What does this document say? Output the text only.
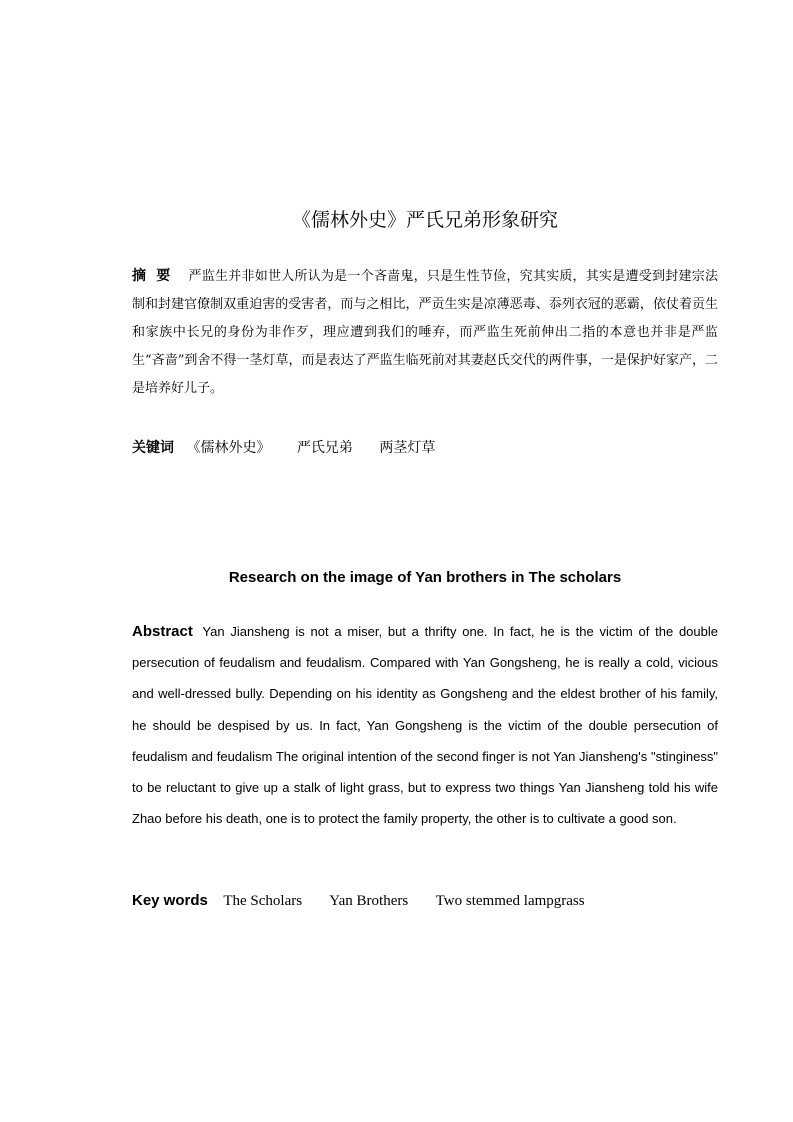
《儒林外史》严氏兄弟形象研究
摘要 严监生并非如世人所认为是一个吝啬鬼，只是生性节俭，究其实质，其实是遭受到封建宗法制和封建官僚制双重迫害的受害者，而与之相比，严贡生实是凉薄恶毒、忝列衣冠的恶霸，依仗着贡生和家族中长兄的身份为非作歹，理应遭到我们的唾弃，而严监生死前伸出二指的本意也并非是严监生“吝啬”到舍不得一茎灯草，而是表达了严监生临死前对其妻赵氏交代的两件事，一是保护好家产，二是培养好儿子。
关键词 《儒林外史》 严氏兄弟 两茎灯草
Research on the image of Yan brothers in The scholars
Abstract Yan Jiansheng is not a miser, but a thrifty one. In fact, he is the victim of the double persecution of feudalism and feudalism. Compared with Yan Gongsheng, he is really a cold, vicious and well-dressed bully. Depending on his identity as Gongsheng and the eldest brother of his family, he should be despised by us. In fact, Yan Gongsheng is the victim of the double persecution of feudalism and feudalism The original intention of the second finger is not Yan Jiansheng's "stinginess" to be reluctant to give up a stalk of light grass, but to express two things Yan Jiansheng told his wife Zhao before his death, one is to protect the family property, the other is to cultivate a good son.
Key words The Scholars Yan Brothers Two stemmed lampgrass
